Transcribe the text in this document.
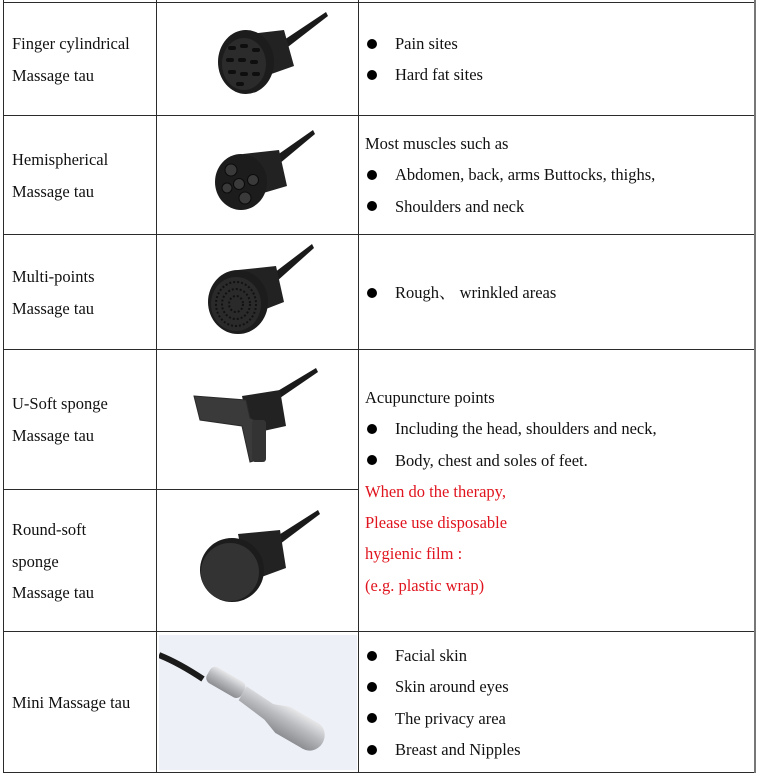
Finger cylindrical
Massage tau
Pain sites
Hard fat sites
Hemispherical
Massage tau
Most muscles such as
Abdomen, back, arms Buttocks, thighs,
Shoulders and neck
Multi-points
Massage tau
Rough、 wrinkled areas
U-Soft sponge
Massage tau
Round-soft
sponge
Massage tau
Acupuncture points
Including the head, shoulders and neck,
Body, chest and soles of feet.
When do the therapy,
Please use disposable
hygienic film :
(e.g. plastic wrap)
Mini Massage tau
Facial skin
Skin around eyes
The privacy area
Breast and Nipples
